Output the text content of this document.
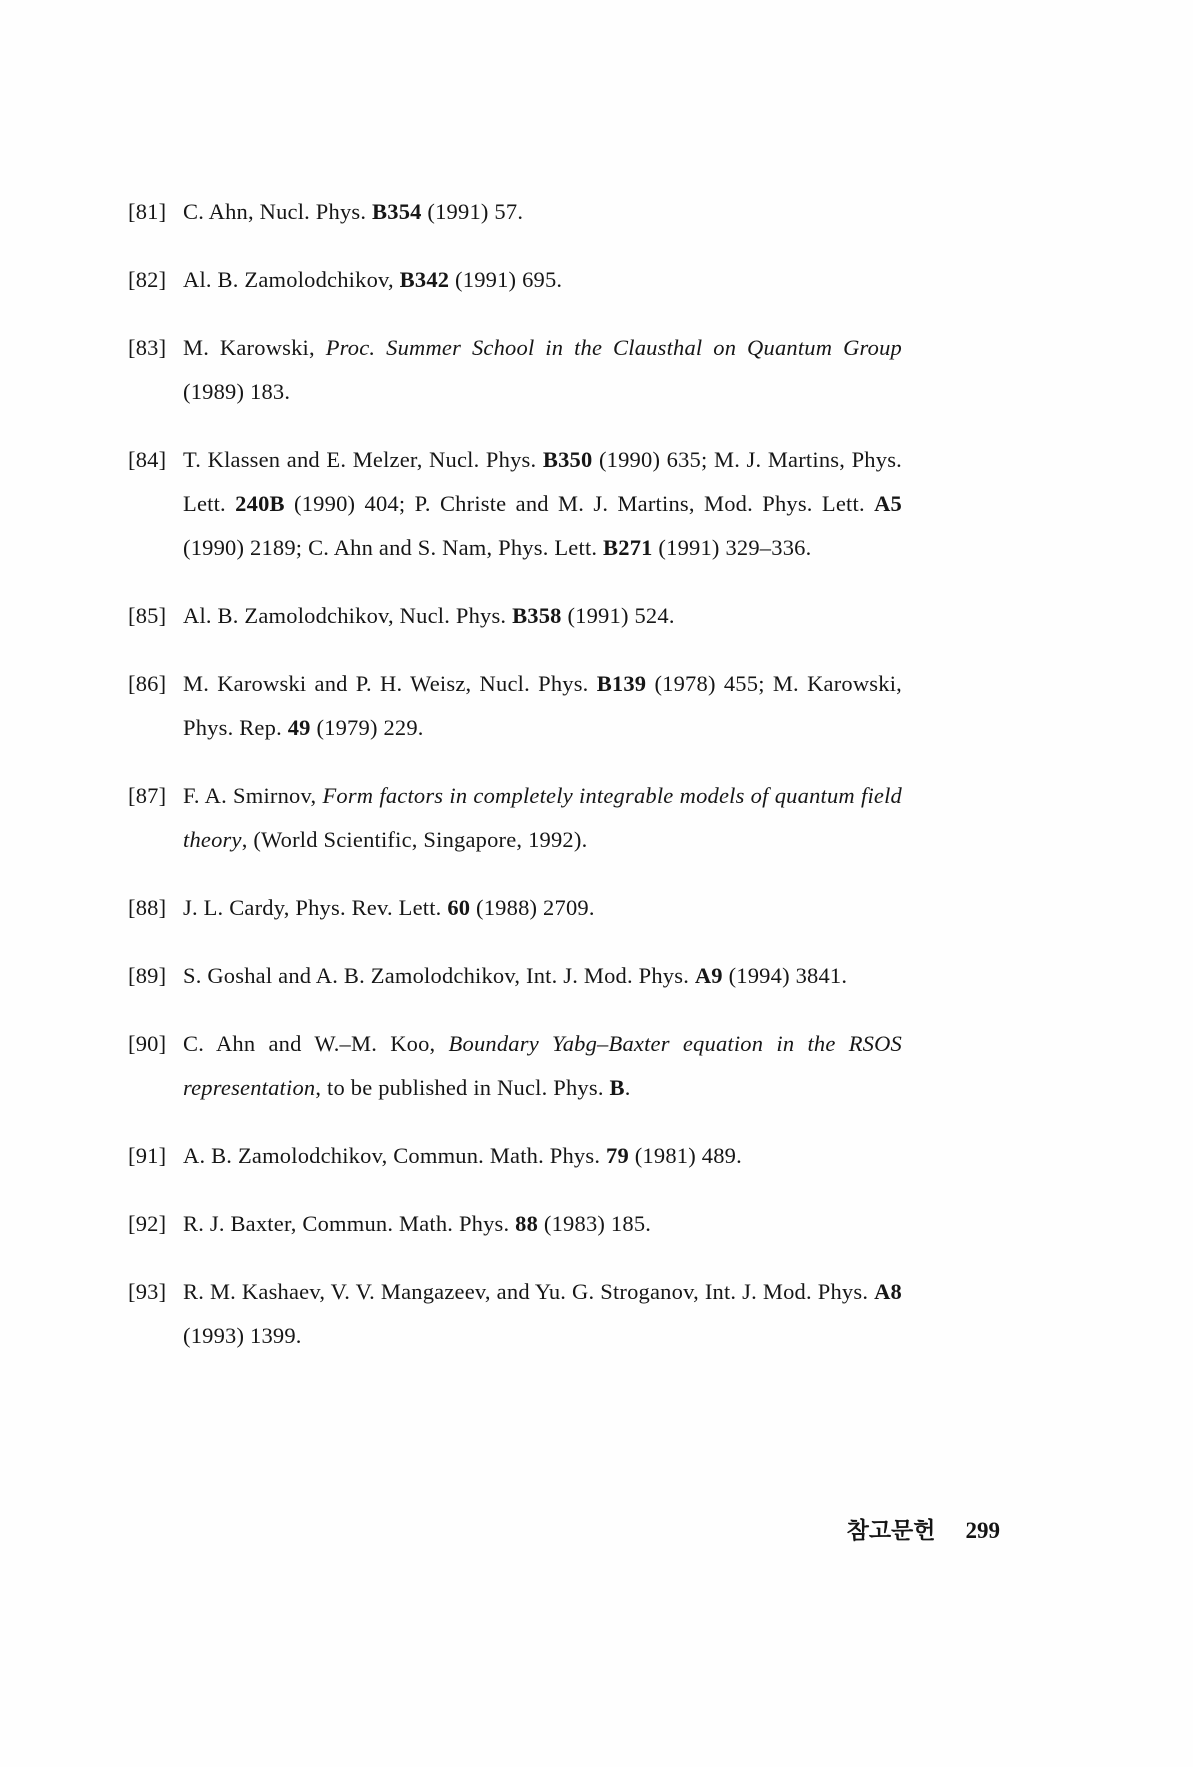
[81] C. Ahn, Nucl. Phys. B354 (1991) 57.
[82] Al. B. Zamolodchikov, B342 (1991) 695.
[83] M. Karowski, Proc. Summer School in the Clausthal on Quantum Group (1989) 183.
[84] T. Klassen and E. Melzer, Nucl. Phys. B350 (1990) 635; M. J. Martins, Phys. Lett. 240B (1990) 404; P. Christe and M. J. Martins, Mod. Phys. Lett. A5 (1990) 2189; C. Ahn and S. Nam, Phys. Lett. B271 (1991) 329–336.
[85] Al. B. Zamolodchikov, Nucl. Phys. B358 (1991) 524.
[86] M. Karowski and P. H. Weisz, Nucl. Phys. B139 (1978) 455; M. Karowski, Phys. Rep. 49 (1979) 229.
[87] F. A. Smirnov, Form factors in completely integrable models of quantum field theory, (World Scientific, Singapore, 1992).
[88] J. L. Cardy, Phys. Rev. Lett. 60 (1988) 2709.
[89] S. Goshal and A. B. Zamolodchikov, Int. J. Mod. Phys. A9 (1994) 3841.
[90] C. Ahn and W.–M. Koo, Boundary Yabg–Baxter equation in the RSOS representation, to be published in Nucl. Phys. B.
[91] A. B. Zamolodchikov, Commun. Math. Phys. 79 (1981) 489.
[92] R. J. Baxter, Commun. Math. Phys. 88 (1983) 185.
[93] R. M. Kashaev, V. V. Mangazeev, and Yu. G. Stroganov, Int. J. Mod. Phys. A8 (1993) 1399.
참고문헌 299
